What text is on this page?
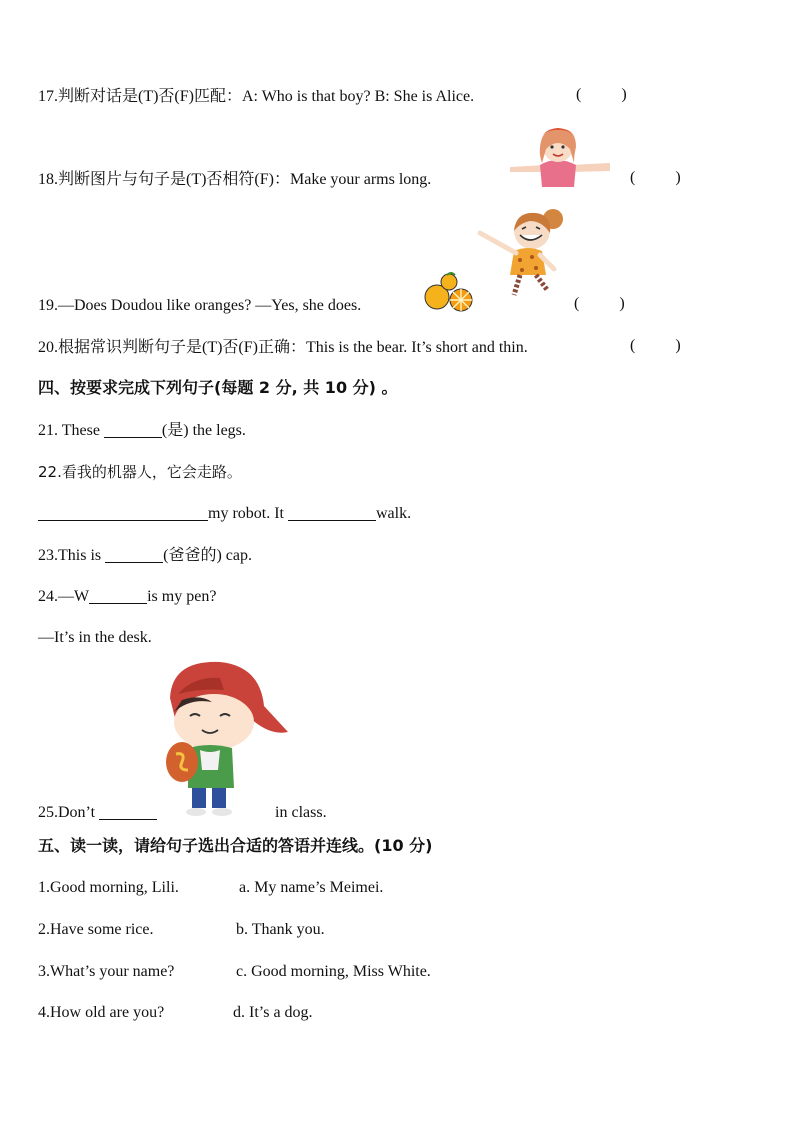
17.判断对话是(T)否(F)匹配：A: Who is that boy? B: She is Alice.	(          )
18.判断图片与句子是(T)否相符(F)：Make your arms long.	(          )
19.—Does Doudou like oranges? —Yes, she does.	(          )
20.根据常识判断句子是(T)否(F)正确：This is the bear. It’s short and thin.	(          )
四、按要求完成下列句子(每题 2 分, 共 10 分) 。
21. These	(是) the legs.
22.看我的机器人，它会走路。
my robot. It	walk.
23.This is	(爸爸的) cap.
24.—W	is my pen?
—It’s in the desk.
25.Don’t	in class.
五、读一读，请给句子选出合适的答语并连线。(10 分)
1.Good morning, Lili.	a. My name’s Meimei.
2.Have some rice.	b. Thank you.
3.What’s your name?	c. Good morning, Miss White.
4.How old are you?	d. It’s a dog.
